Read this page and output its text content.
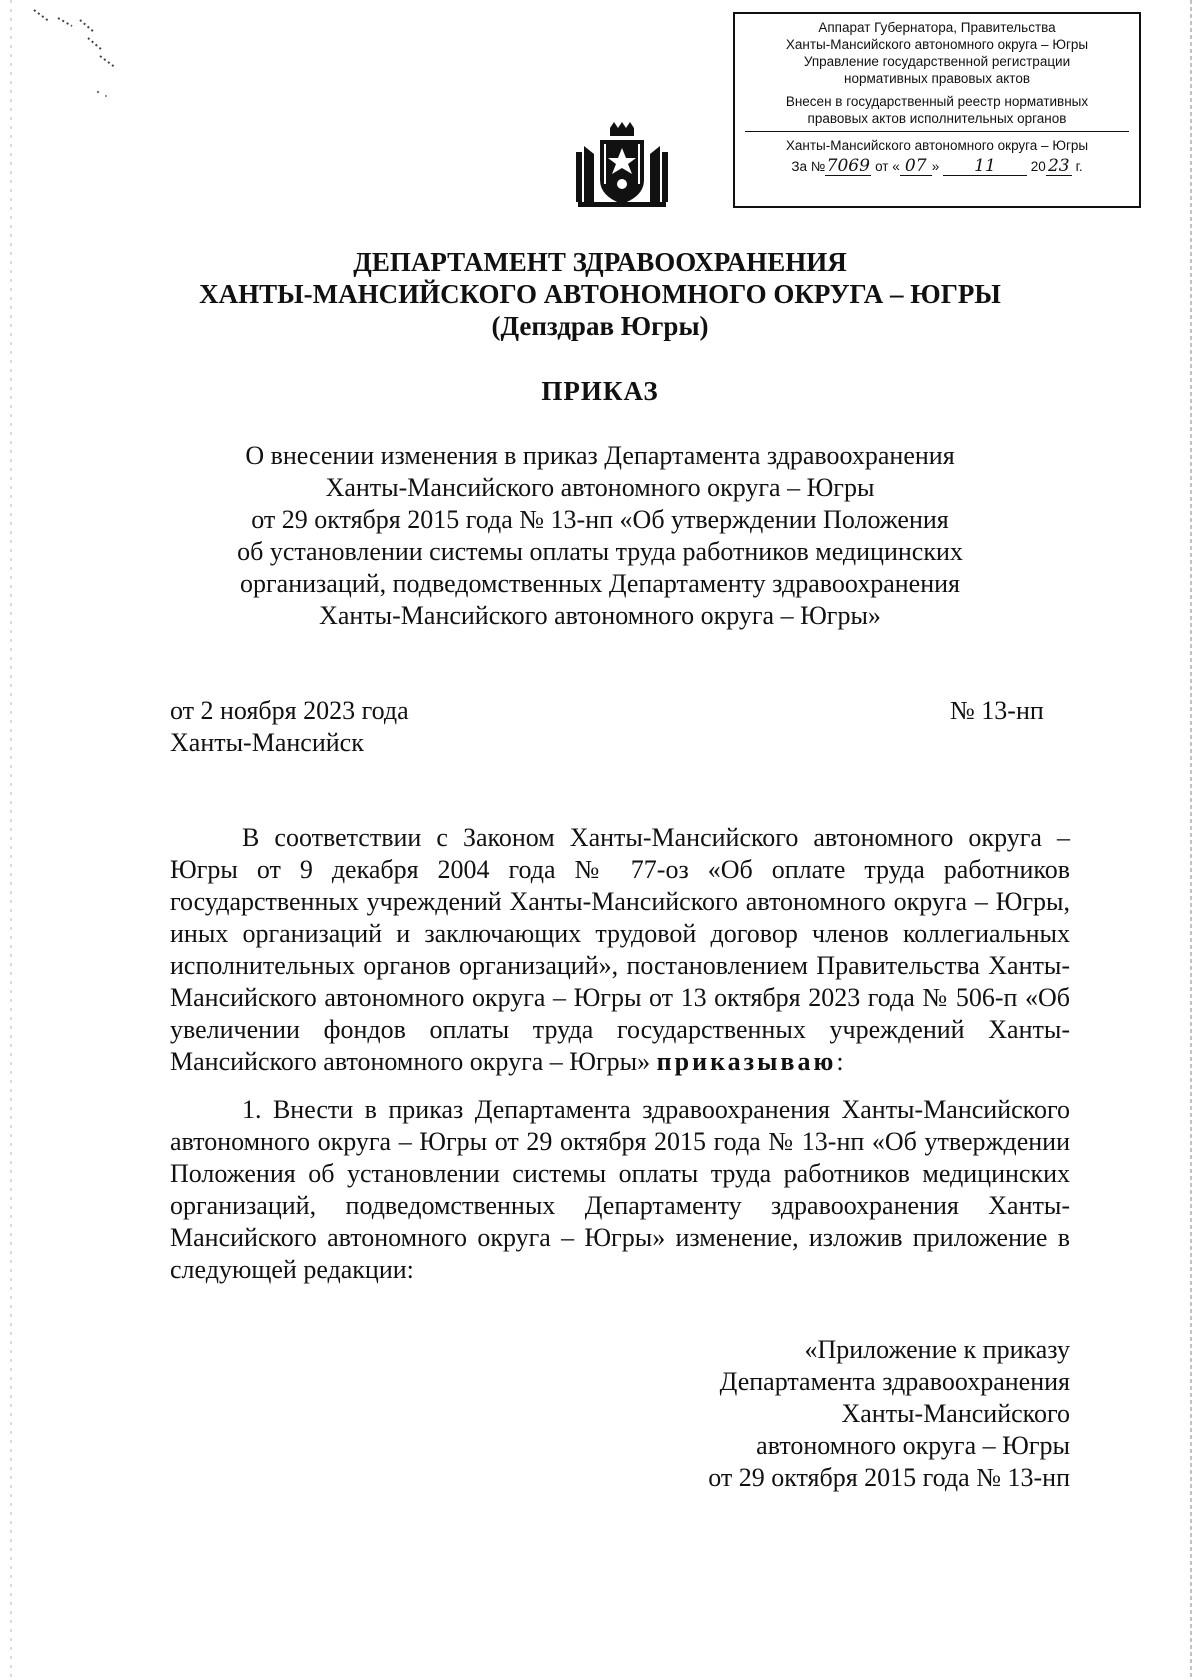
Аппарат Губернатора, Правительства
Ханты-Мансийского автономного округа – Югры
Управление государственной регистрации
нормативных правовых актов
Внесен в государственный реестр нормативных
правовых актов исполнительных органов
Ханты-Мансийского автономного округа – Югры
За №7069 от « 07 » 11	20 23 г.
ДЕПАРТАМЕНТ ЗДРАВООХРАНЕНИЯ
ХАНТЫ-МАНСИЙСКОГО АВТОНОМНОГО ОКРУГА – ЮГРЫ
(Депздрав Югры)
ПРИКАЗ
О внесении изменения в приказ Департамента здравоохранения
Ханты-Мансийского автономного округа – Югры
от 29 октября 2015 года № 13-нп «Об утверждении Положения
об установлении системы оплаты труда работников медицинских
организаций, подведомственных Департаменту здравоохранения
Ханты-Мансийского автономного округа – Югры»
от 2 ноября 2023 года
Ханты-Мансийск
№ 13-нп
В соответствии с Законом Ханты-Мансийского автономного округа – Югры от 9 декабря 2004 года № 77-оз «Об оплате труда работников государственных учреждений Ханты-Мансийского автономного округа – Югры, иных организаций и заключающих трудовой договор членов коллегиальных исполнительных органов организаций», постановлением Правительства Ханты-Мансийского автономного округа – Югры от 13 октября 2023 года № 506-п «Об увеличении фондов оплаты труда государственных учреждений Ханты-Мансийского автономного округа – Югры» приказываю:
1. Внести в приказ Департамента здравоохранения Ханты-Мансийского автономного округа – Югры от 29 октября 2015 года № 13-нп «Об утверждении Положения об установлении системы оплаты труда работников медицинских организаций, подведомственных Департаменту здравоохранения Ханты-Мансийского автономного округа – Югры» изменение, изложив приложение в следующей редакции:
«Приложение к приказу
Департамента здравоохранения
Ханты-Мансийского
автономного округа – Югры
от 29 октября 2015 года № 13-нп
